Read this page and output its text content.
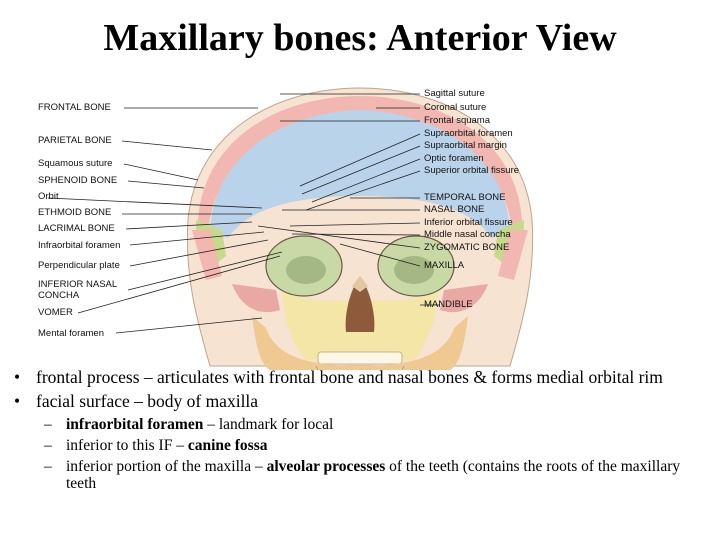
Maxillary bones: Anterior View
FRONTAL BONE
PARIETAL BONE
Squamous suture
SPHENOID BONE
Orbit
ETHMOID BONE
LACRIMAL BONE
Infraorbital foramen
Perpendicular plate
INFERIOR NASAL
CONCHA
VOMER
Mental foramen
Sagittal suture
Coronal suture
Frontal squama
Supraorbital foramen
Supraorbital margin
Optic foramen
Superior orbital fissure
TEMPORAL BONE
NASAL BONE
Inferior orbital fissure
Middle nasal concha
ZYGOMATIC BONE
MAXILLA
MANDIBLE
• frontal process – articulates with frontal bone and nasal bones & forms medial orbital rim
• facial surface – body of maxilla
– infraorbital foramen – landmark for local
– inferior to this IF – canine fossa
– inferior portion of the maxilla – alveolar processes of the teeth (contains the roots of the maxillary teeth
